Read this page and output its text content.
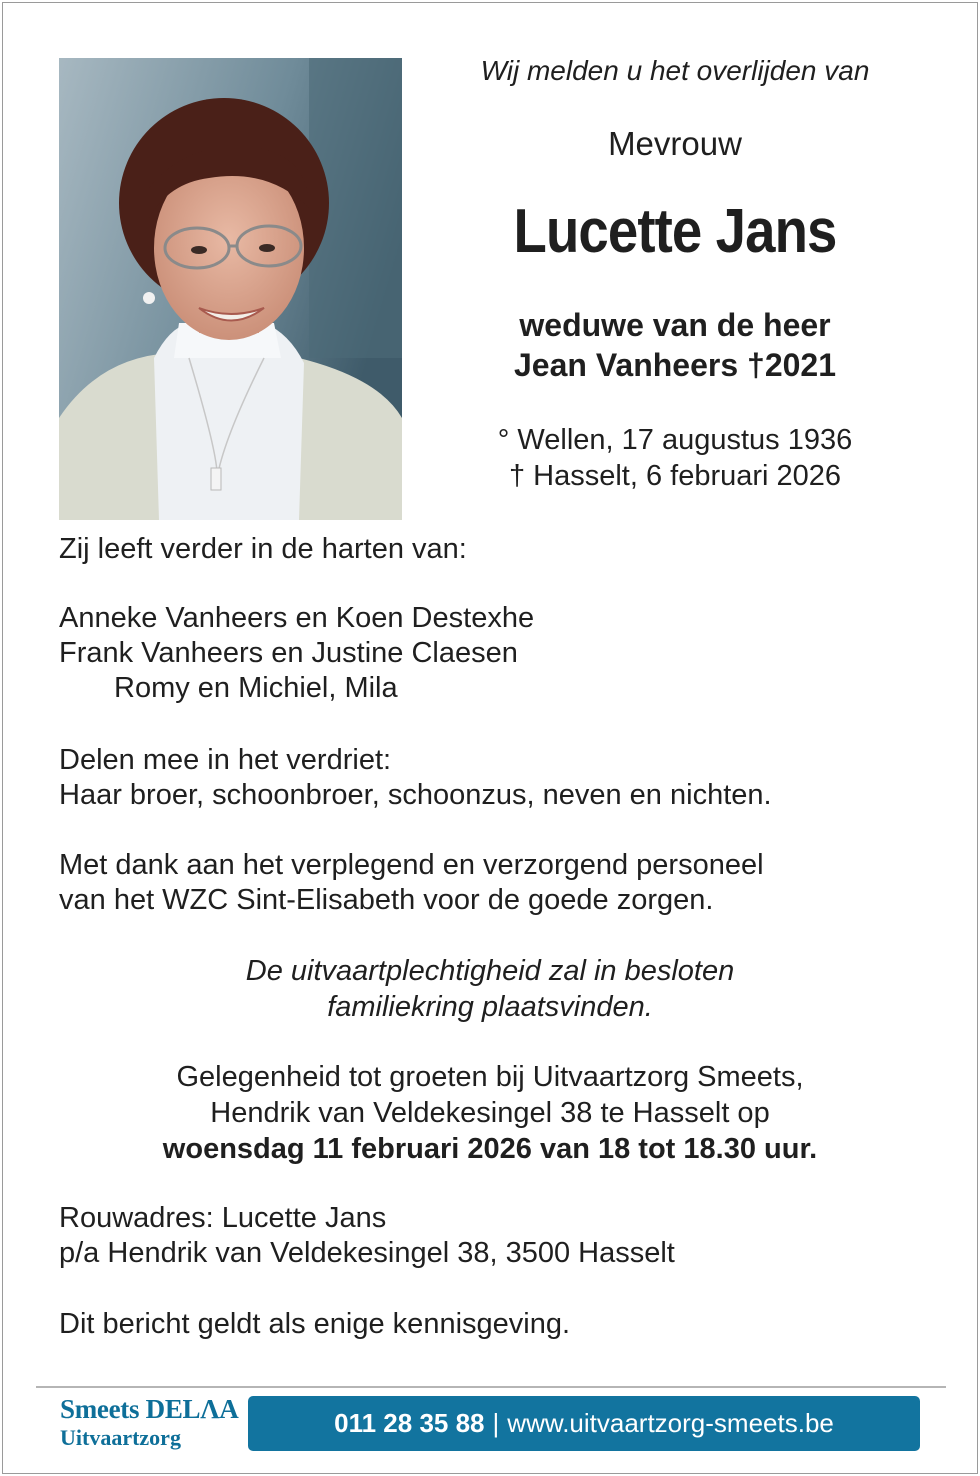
Wij melden u het overlijden van
Mevrouw
Lucette Jans
weduwe van de heer
Jean Vanheers †2021
° Wellen, 17 augustus 1936
† Hasselt, 6 februari 2026
Zij leeft verder in de harten van:
Anneke Vanheers en Koen Destexhe
Frank Vanheers en Justine Claesen
Romy en Michiel, Mila
Delen mee in het verdriet:
Haar broer, schoonbroer, schoonzus, neven en nichten.
Met dank aan het verplegend en verzorgend personeel
van het WZC Sint-Elisabeth voor de goede zorgen.
De uitvaartplechtigheid zal in besloten
familiekring plaatsvinden.
Gelegenheid tot groeten bij Uitvaartzorg Smeets,
Hendrik van Veldekesingel 38 te Hasselt op
woensdag 11 februari 2026 van 18 tot 18.30 uur.
Rouwadres: Lucette Jans
p/a Hendrik van Veldekesingel 38, 3500 Hasselt
Dit bericht geldt als enige kennisgeving.
Smeets DELΛA
Uitvaartzorg	011 28 35 88 | www.uitvaartzorg-smeets.be
